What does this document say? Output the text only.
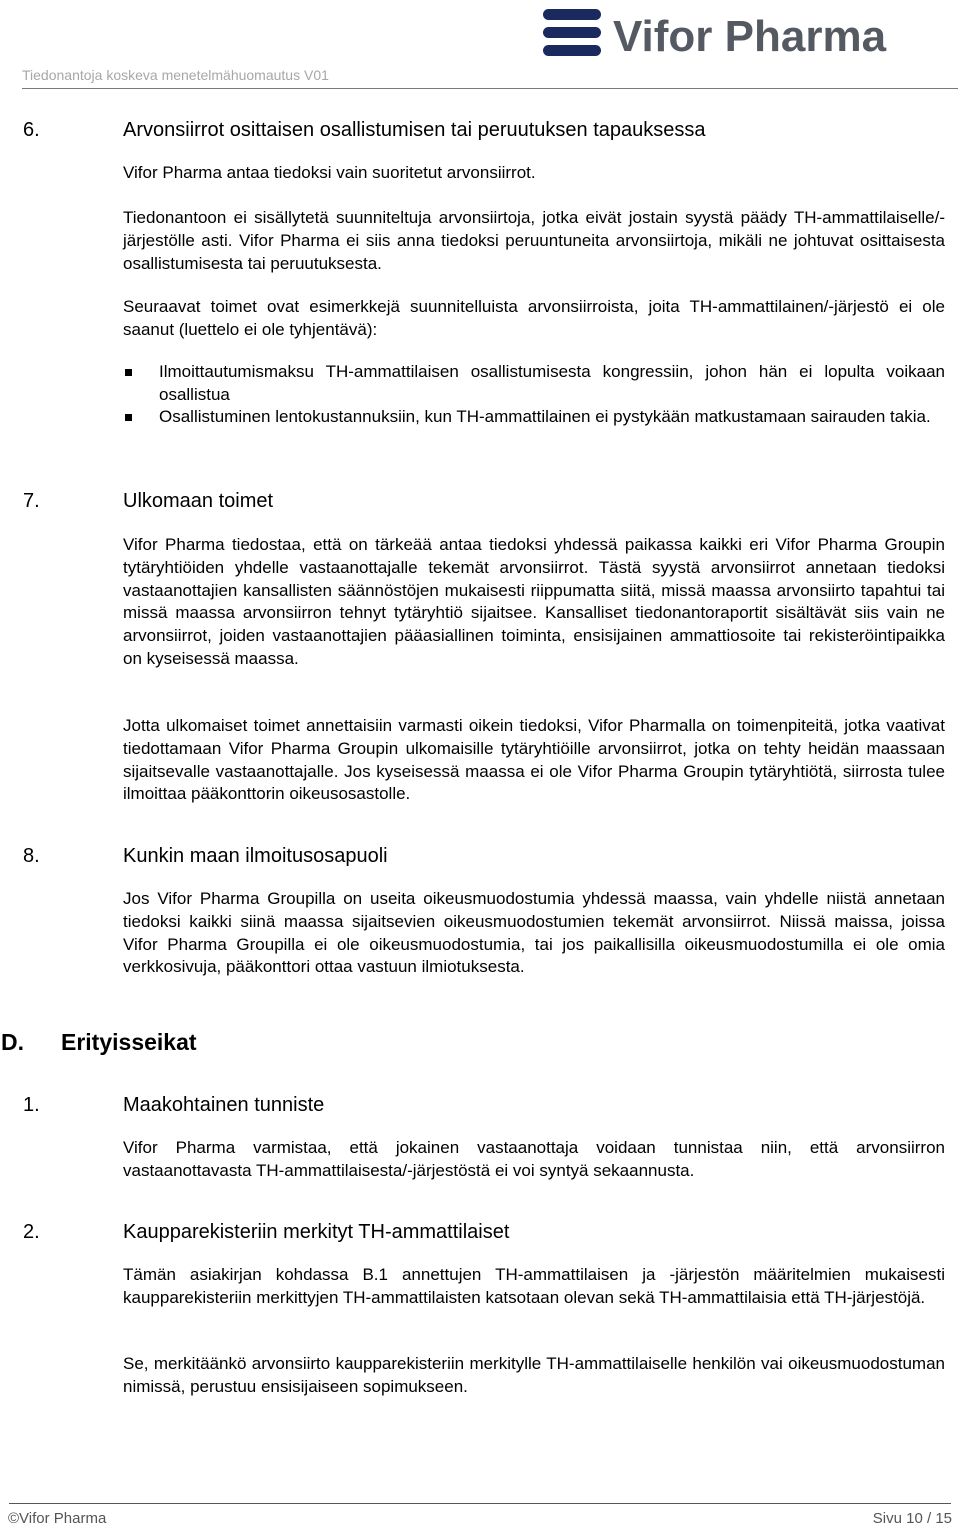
Tiedonantoja koskeva menetelmähuomautus V01
Vifor Pharma
6.	Arvonsiirrot osittaisen osallistumisen tai peruutuksen tapauksessa

Vifor Pharma antaa tiedoksi vain suoritetut arvonsiirrot.

Tiedonantoon ei sisällytetä suunniteltuja arvonsiirtoja, jotka eivät jostain syystä päädy TH-ammattilaiselle/-järjestölle asti. Vifor Pharma ei siis anna tiedoksi peruuntuneita arvonsiirtoja, mikäli ne johtuvat osittaisesta osallistumisesta tai peruutuksesta.

Seuraavat toimet ovat esimerkkejä suunnitelluista arvonsiirroista, joita TH-ammattilainen/-järjestö ei ole saanut (luettelo ei ole tyhjentävä):

Ilmoittautumismaksu TH-ammattilaisen osallistumisesta kongressiin, johon hän ei lopulta voikaan osallistua

Osallistuminen lentokustannuksiin, kun TH-ammattilainen ei pystykään matkustamaan sairauden takia.

7.	Ulkomaan toimet

Vifor Pharma tiedostaa, että on tärkeää antaa tiedoksi yhdessä paikassa kaikki eri Vifor Pharma Groupin tytäryhtiöiden yhdelle vastaanottajalle tekemät arvonsiirrot. Tästä syystä arvonsiirrot annetaan tiedoksi vastaanottajien kansallisten säännöstöjen mukaisesti riippumatta siitä, missä maassa arvonsiirto tapahtui tai missä maassa arvonsiirron tehnyt tytäryhtiö sijaitsee. Kansalliset tiedonantoraportit sisältävät siis vain ne arvonsiirrot, joiden vastaanottajien pääasiallinen toiminta, ensisijainen ammattiosoite tai rekisteröintipaikka on kyseisessä maassa.

Jotta ulkomaiset toimet annettaisiin varmasti oikein tiedoksi, Vifor Pharmalla on toimenpiteitä, jotka vaativat tiedottamaan Vifor Pharma Groupin ulkomaisille tytäryhtiöille arvonsiirrot, jotka on tehty heidän maassaan sijaitsevalle vastaanottajalle. Jos kyseisessä maassa ei ole Vifor Pharma Groupin tytäryhtiötä, siirrosta tulee ilmoittaa pääkonttorin oikeusosastolle.

8.	Kunkin maan ilmoitusosapuoli

Jos Vifor Pharma Groupilla on useita oikeusmuodostumia yhdessä maassa, vain yhdelle niistä annetaan tiedoksi kaikki siinä maassa sijaitsevien oikeusmuodostumien tekemät arvonsiirrot. Niissä maissa, joissa Vifor Pharma Groupilla ei ole oikeusmuodostumia, tai jos paikallisilla oikeusmuodostumilla ei ole omia verkkosivuja, pääkonttori ottaa vastuun ilmiotuksesta.

D. Erityisseikat
1.	Maakohtainen tunniste

Vifor Pharma varmistaa, että jokainen vastaanottaja voidaan tunnistaa niin, että arvonsiirron vastaanottavasta TH-ammattilaisesta/-järjestöstä ei voi syntyä sekaannusta.

2.	Kaupparekisteriin merkityt TH-ammattilaiset

Tämän asiakirjan kohdassa B.1 annettujen TH-ammattilaisen ja -järjestön määritelmien mukaisesti kaupparekisteriin merkittyjen TH-ammattilaisten katsotaan olevan sekä TH-ammattilaisia että TH-järjestöjä.

Se, merkitäänkö arvonsiirto kaupparekisteriin merkitylle TH-ammattilaiselle henkilön vai oikeusmuodostuman nimissä, perustuu ensisijaiseen sopimukseen.

©Vifor Pharma	Sivu 10 / 15
